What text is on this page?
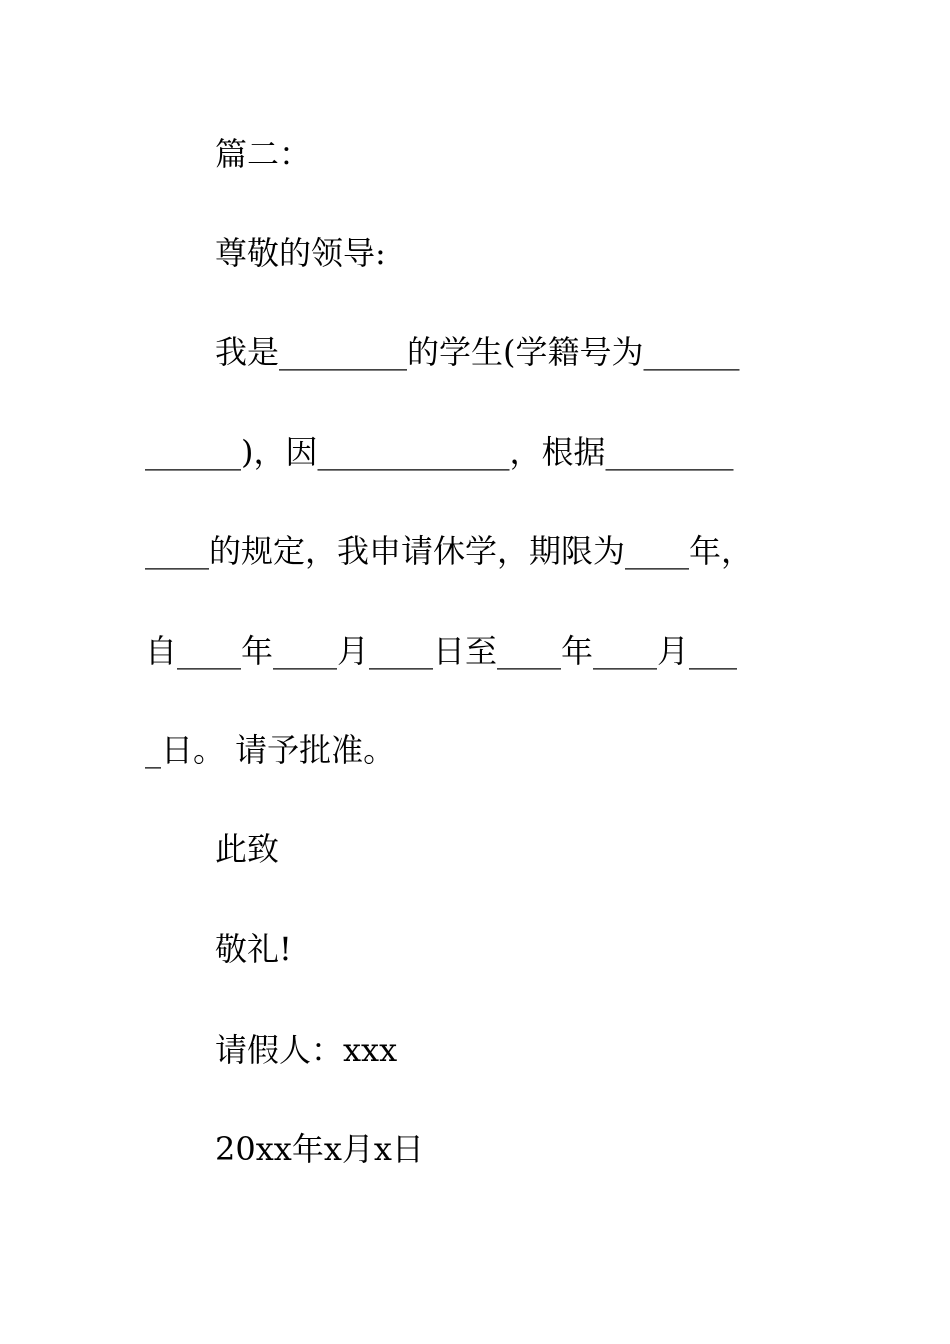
篇二：
尊敬的领导:
我是________的学生(学籍号为______
______)，因____________，根据________
____的规定，我申请休学，期限为____年，
自____年____月____日至____年____月___
_日。 请予批准。
此致
敬礼!
请假人：xxx
20xx年x月x日
